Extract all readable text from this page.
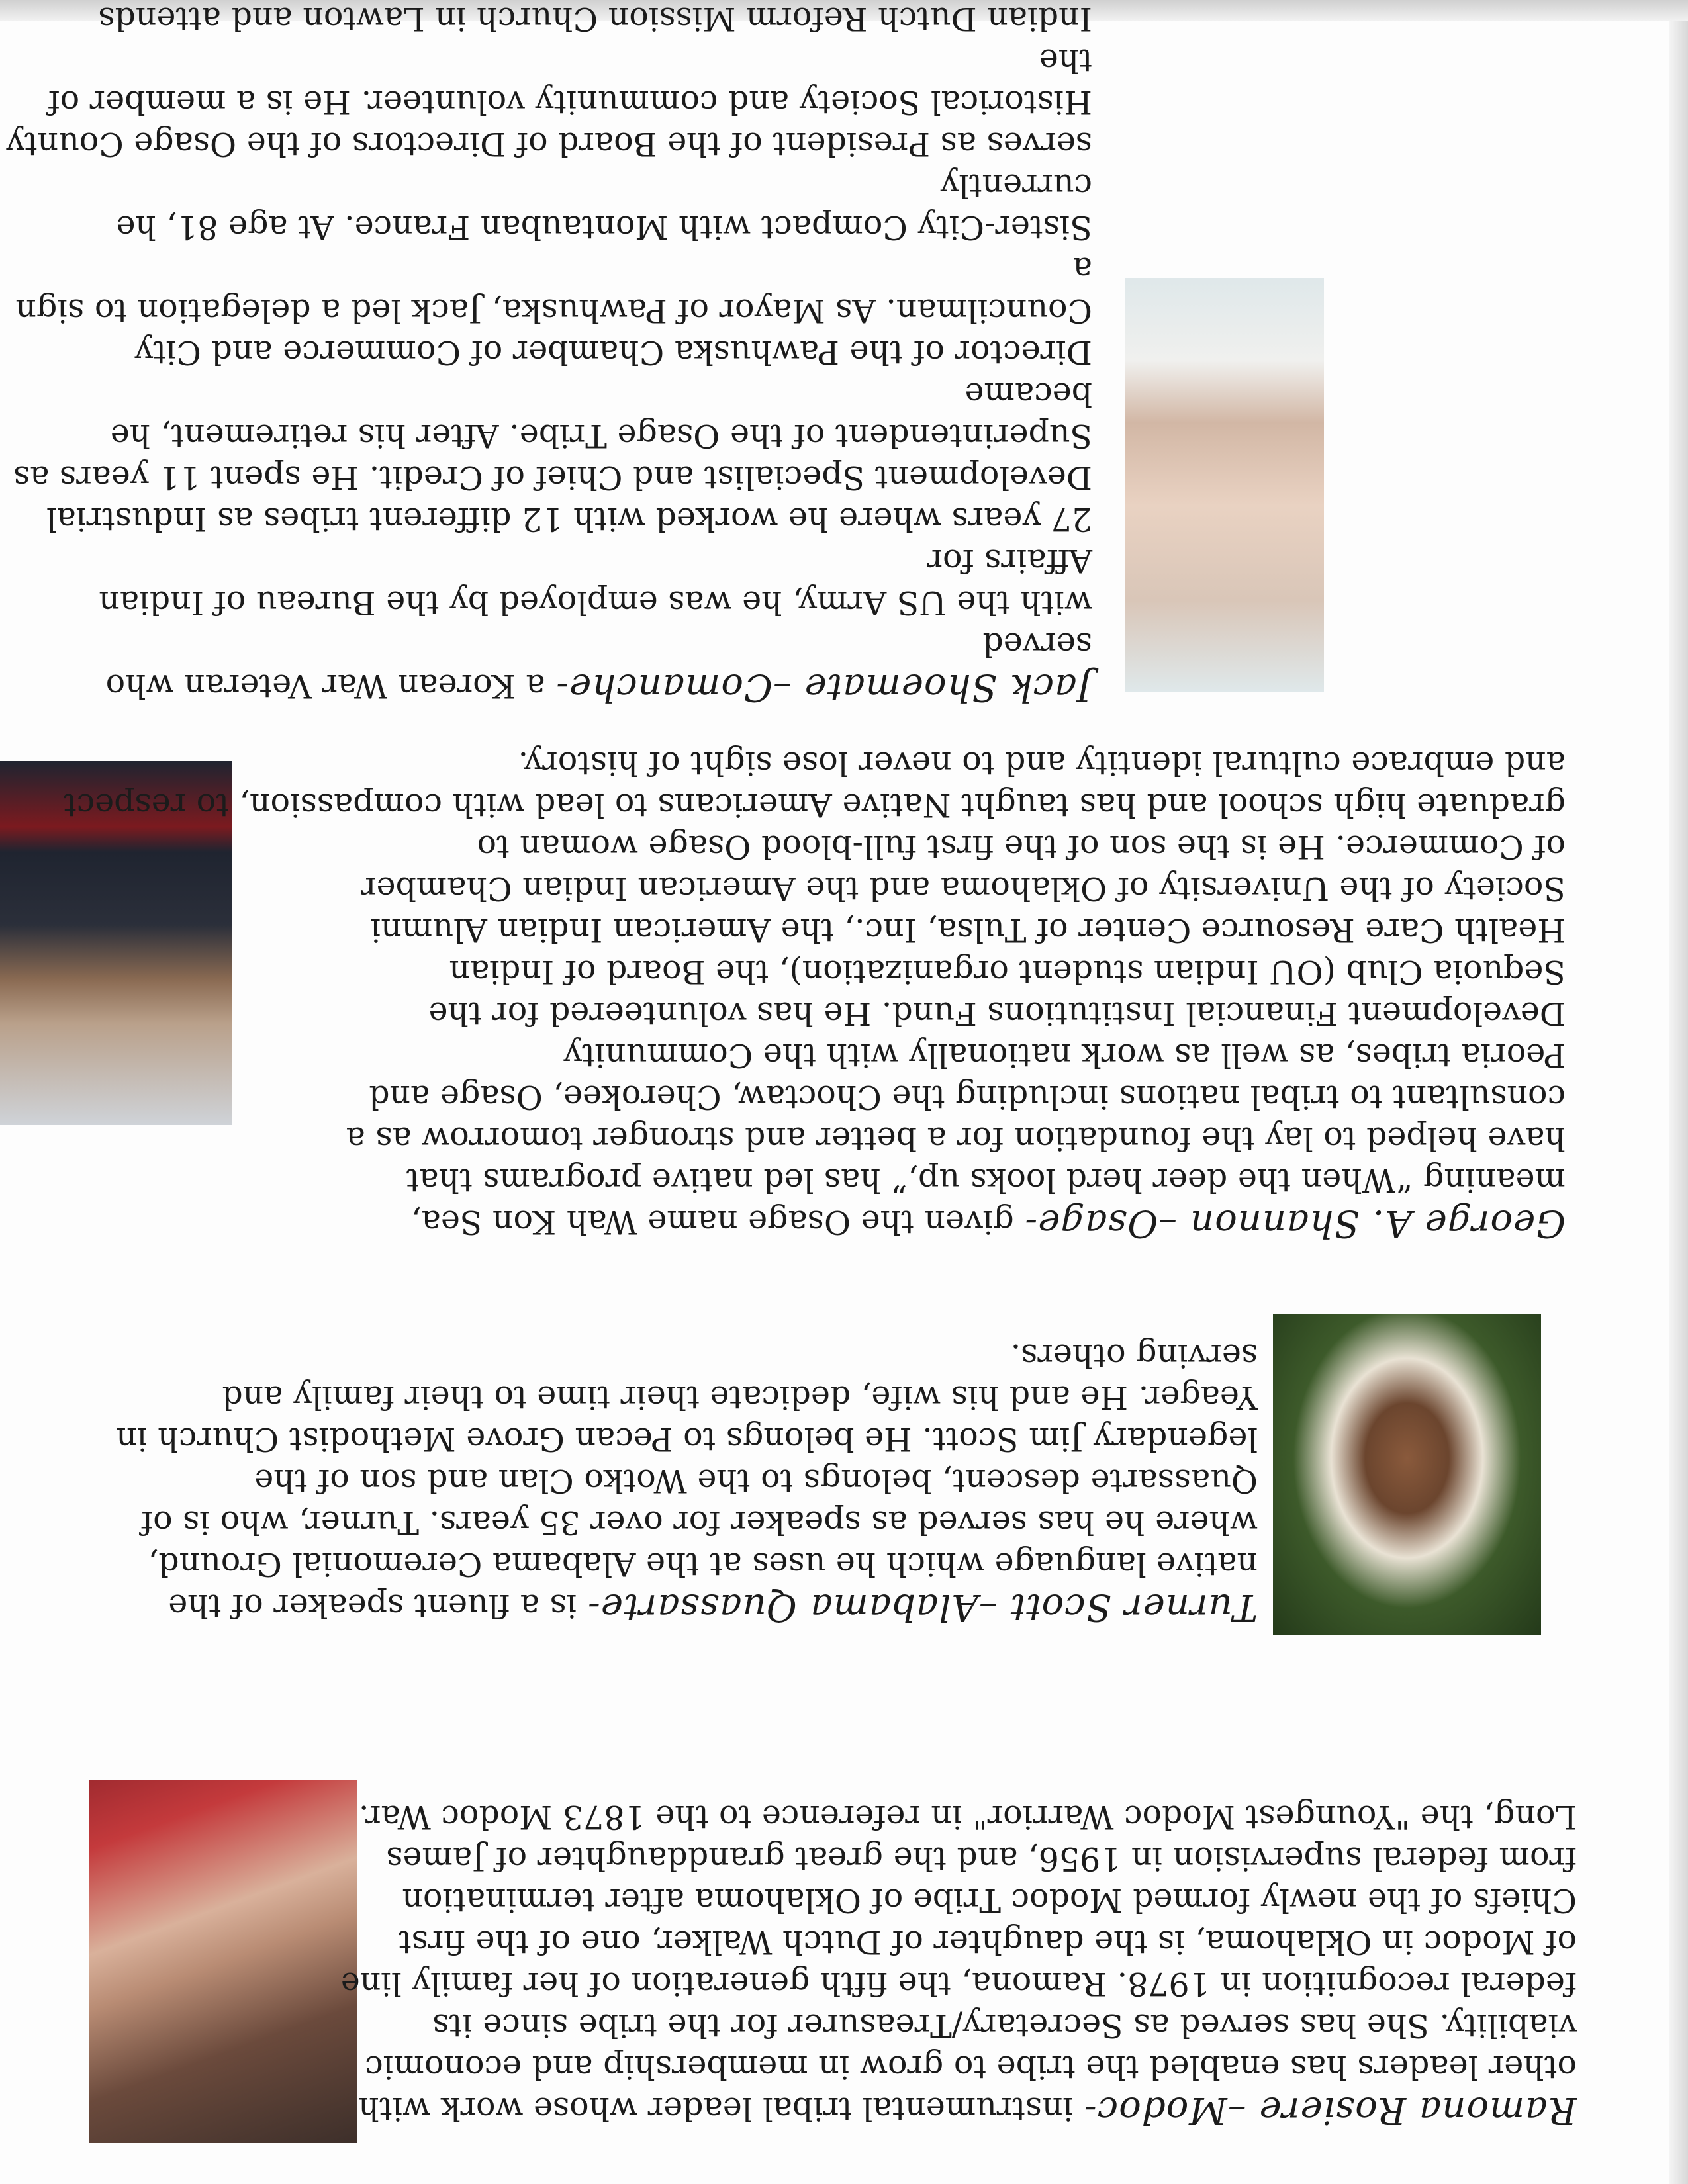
Ramona Rosiere –Modoc- instrumental tribal leader whose work with
other leaders has enabled the tribe to grow in membership and economic
viability. She has served as Secretary/Treasurer for the tribe since its
federal recognition in 1978. Ramona, the fifth generation of her family line
of Modoc in Oklahoma, is the daughter of Dutch Walker, one of the first
Chiefs of the newly formed Modoc Tribe of Oklahoma after termination
from federal supervision in 1956, and the great granddaughter of James
Long, the "Youngest Modoc Warrior" in reference to the 1873 Modoc War.

Turner Scott –Alabama Quassarte- is a fluent speaker of the
native language which he uses at the Alabama Ceremonial Ground,
where he has served as speaker for over 35 years. Turner, who is of
Quassarte descent, belongs to the Wotko Clan and son of the
legendary Jim Scott. He belongs to Pecan Grove Methodist Church in
Yeager. He and his wife, dedicate their time to their family and
serving others.

George A. Shannon –Osage- given the Osage name Wah Kon Sea,
meaning “When the deer herd looks up,” has led native programs that
have helped to lay the foundation for a better and stronger tomorrow as a
consultant to tribal nations including the Choctaw, Cherokee, Osage and
Peoria tribes, as well as work nationally with the Community
Development Financial Institutions Fund. He has volunteered for the
Sequoia Club (OU Indian student organization), the Board of Indian
Health Care Resource Center of Tulsa, Inc., the American Indian Alumni
Society of the University of Oklahoma and the American Indian Chamber
of Commerce. He is the son of the first full-blood Osage woman to
graduate high school and has taught Native Americans to lead with compassion, to respect
and embrace cultural identity and to never lose sight of history.

Jack Shoemate –Comanche- a Korean War Veteran who served
with the US Army, he was employed by the Bureau of Indian Affairs for
27 years where he worked with 12 different tribes as Industrial
Development Specialist and Chief of Credit. He spent 11 years as
Superintendent of the Osage Tribe. After his retirement, he became
Director of the Pawhuska Chamber of Commerce and City
Councilman. As Mayor of Pawhuska, Jack led a delegation to sign a
Sister-City Compact with Montauban France. At age 81, he currently
serves as President of the Board of Directors of the Osage County
Historical Society and community volunteer. He is a member of the
Indian Dutch Reform Mission Church in Lawton and attends
